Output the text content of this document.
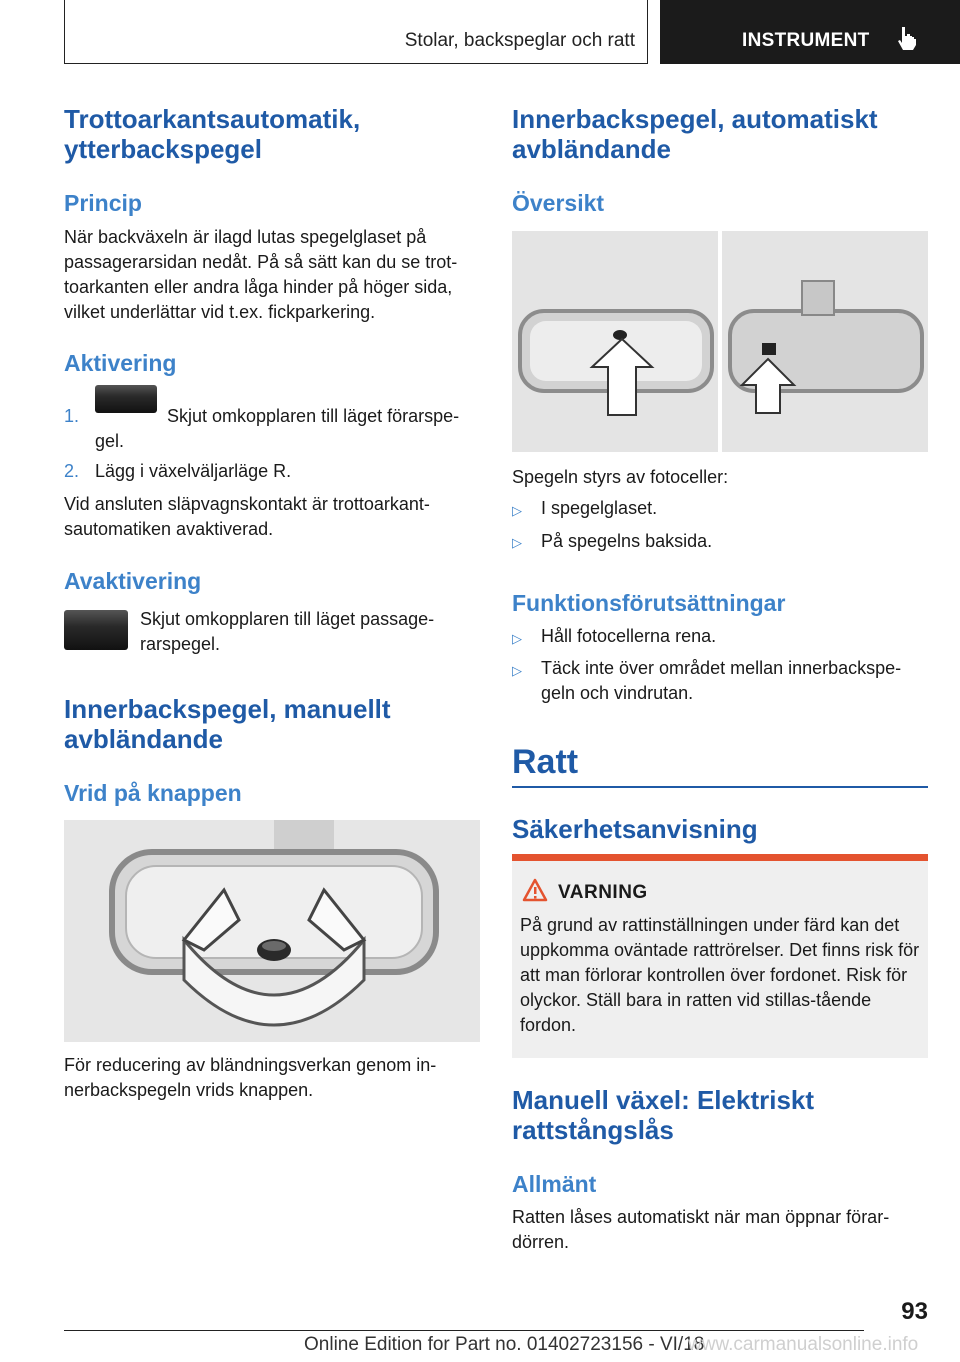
Stolar, backspeglar och ratt	INSTRUMENT
Trottoarkantsautomatik, ytterbackspegel
Princip

När backväxeln är ilagd lutas spegelglaset på passagerarsidan nedåt. På så sätt kan du se trot-toarkanten eller andra låga hinder på höger sida, vilket underlättar vid t.ex. fickparkering.

Aktivering
1.	Skjut omkopplaren till läget förarspe-gel.

2. Lägg i växelväljarläge R.

Vid ansluten släpvagnskontakt är trottoarkant-sautomatiken avaktiverad.

Avaktivering

Skjut omkopplaren till läget passage-rarspegel.

Innerbackspegel, manuellt avbländande
Vrid på knappen

För reducering av bländningsverkan genom in-nerbackspegeln vrids knappen.

Innerbackspegel, automatiskt avbländande
Översikt

Spegeln styrs av fotoceller:

▷ I spegelglaset.

▷ På spegelns baksida.

Funktionsförutsättningar
▷ Håll fotocellerna rena.

▷ Täck inte över området mellan innerbackspe-geln och vindrutan.

Ratt
Säkerhetsanvisning
VARNING

På grund av rattinställningen under färd kan det uppkomma oväntade rattrörelser. Det finns risk för att man förlorar kontrollen över fordonet. Risk för olyckor. Ställ bara in ratten vid stillas-tående fordon.

Manuell växel: Elektriskt rattstångslås
Allmänt

Ratten låses automatiskt när man öppnar förar-dörren.

93
Online Edition for Part no. 01402723156 - VI/18
www.carmanualsonline.info
